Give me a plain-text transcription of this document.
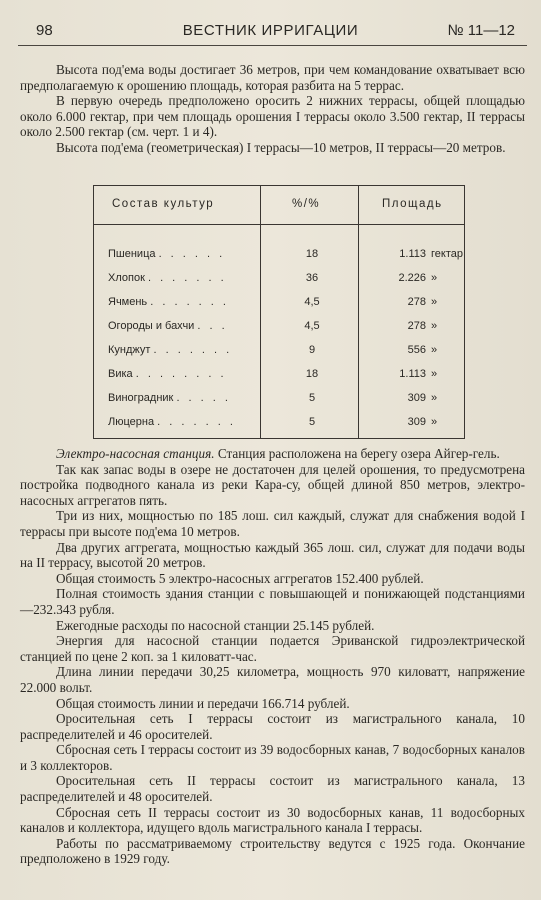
98	ВЕСТНИК ИРРИГАЦИИ	№ 11—12

Высота под'ема воды достигает 36 метров, при чем командование охватывает всю предполагаемую к орошению площадь, которая разбита на 5 террас.

В первую очередь предположено оросить 2 нижних террасы, общей площадью около 6.000 гектар, при чем площадь орошения I террасы около 3.500 гектар, II террасы около 2.500 гектар (см. черт. 1 и 4).

Высота под'ема (геометрическая) I террасы—10 метров, II террасы—20 метров.

Состав культур	%/%	Площадь
Пшеница . . . . . .	18	1.113 гектар
Хлопок . . . . . . .	36	2.226 »
Ячмень . . . . . . .	4,5	278 »
Огороды и бахчи . . .	4,5	278 »
Кунджут . . . . . . .	9	556 »
Вика . . . . . . . .	18	1.113 »
Виноградник . . . . .	5	309 »
Люцерна . . . . . . .	5	309 »

Электро-насосная станция. Станция расположена на берегу озера Айгер-гель.

Так как запас воды в озере не достаточен для целей орошения, то предусмотрена постройка подводного канала из реки Кара-су, общей длиной 850 метров, электро-насосных аггрегатов пять.

Три из них, мощностью по 185 лош. сил каждый, служат для снабжения водой I террасы при высоте под'ема 10 метров.

Два других аггрегата, мощностью каждый 365 лош. сил, служат для подачи воды на II террасу, высотой 20 метров.

Общая стоимость 5 электро-насосных аггрегатов 152.400 рублей.

Полная стоимость здания станции с повышающей и понижающей подстанциями—232.343 рубля.

Ежегодные расходы по насосной станции 25.145 рублей.

Энергия для насосной станции подается Эриванской гидроэлектрической станцией по цене 2 коп. за 1 киловатт-час.

Длина линии передачи 30,25 километра, мощность 970 киловатт, напряжение 22.000 вольт.

Общая стоимость линии и передачи 166.714 рублей.

Оросительная сеть I террасы состоит из магистрального канала, 10 распределителей и 46 оросителей.

Сбросная сеть I террасы состоит из 39 водосборных канав, 7 водосборных каналов и 3 коллекторов.

Оросительная сеть II террасы состоит из магистрального канала, 13 распределителей и 48 оросителей.

Сбросная сеть II террасы состоит из 30 водосборных канав, 11 водосборных каналов и коллектора, идущего вдоль магистрального канала I террасы.

Работы по рассматриваемому строительству ведутся с 1925 года. Окончание предположено в 1929 году.
